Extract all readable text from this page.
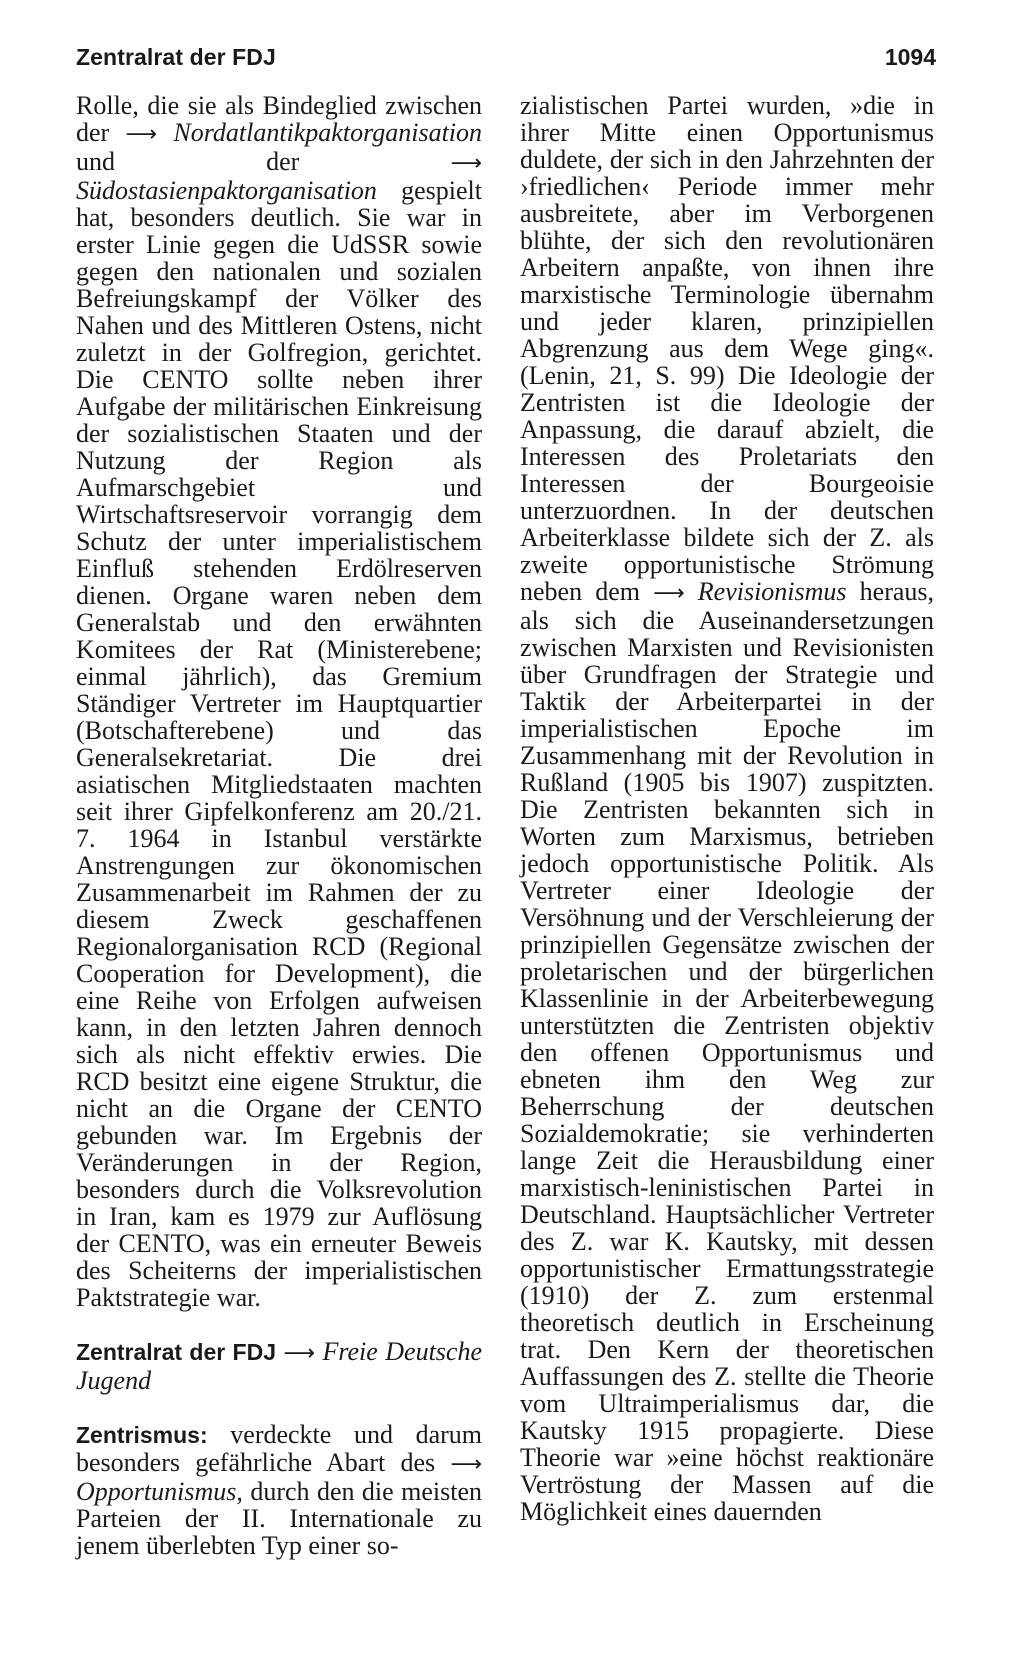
Zentralrat der FDJ	1094

Rolle, die sie als Bindeglied zwischen der ⟶ Nordatlantikpaktorganisation und der	⟶ Südostasienpaktorganisation gespielt hat, besonders deutlich. Sie war in erster Linie gegen die UdSSR sowie gegen den nationalen und sozialen Befreiungskampf der Völker des Nahen und des Mittleren Ostens, nicht zuletzt in der Golfregion, gerichtet. Die CENTO sollte neben ihrer Aufgabe der militärischen Einkreisung der sozialistischen Staaten und der Nutzung der Region als Aufmarschgebiet und Wirtschaftsreservoir vorrangig dem Schutz der unter imperialistischem Einfluß stehenden Erdölreserven dienen. Organe waren neben dem Generalstab und den erwähnten Komitees der Rat (Ministerebene; einmal jährlich), das Gremium Ständiger Vertreter im Hauptquartier (Botschafterebene) und das Generalsekretariat. Die drei asiatischen Mitgliedstaaten machten seit ihrer Gipfelkonferenz am 20./21. 7. 1964 in Istanbul verstärkte Anstrengungen zur ökonomischen Zusammenarbeit im Rahmen der zu diesem Zweck geschaffenen Regionalorganisation RCD (Regional Cooperation for Development), die eine Reihe von Erfolgen aufweisen kann, in den letzten Jahren dennoch sich als nicht effektiv erwies. Die RCD besitzt eine eigene Struktur, die nicht an die Organe der CENTO gebunden war. Im Ergebnis der Veränderungen in der Region, besonders durch die Volksrevolution in Iran, kam es 1979 zur Auflösung der CENTO, was ein erneuter Beweis des Scheiterns der imperialistischen Paktstrategie war.

Zentralrat der FDJ ⟶ Freie Deutsche Jugend

Zentrismus: verdeckte und darum besonders gefährliche Abart des ⟶ Opportunismus, durch den die meisten Parteien der II. Internationale zu jenem überlebten Typ einer so-

zialistischen Partei wurden, »die in ihrer Mitte einen Opportunismus duldete, der sich in den Jahrzehnten der ›friedlichen‹ Periode immer mehr ausbreitete, aber im Verborgenen blühte, der sich den revolutionären Arbeitern anpaßte, von ihnen ihre marxistische Terminologie übernahm und jeder klaren, prinzipiellen Abgrenzung aus dem Wege ging«. (Lenin, 21, S. 99) Die Ideologie der Zentristen ist die Ideologie der Anpassung, die darauf abzielt, die Interessen des Proletariats den Interessen der Bourgeoisie unterzuordnen. In der deutschen Arbeiterklasse bildete sich der Z. als zweite opportunistische Strömung neben dem ⟶ Revisionismus heraus, als sich die Auseinandersetzungen zwischen Marxisten und Revisionisten über Grundfragen der Strategie und Taktik der Arbeiterpartei in der imperialistischen Epoche im Zusammenhang mit der Revolution in Rußland (1905 bis 1907) zuspitzten. Die Zentristen bekannten sich in Worten zum Marxismus, betrieben jedoch opportunistische Politik. Als Vertreter einer Ideologie der Versöhnung und der Verschleierung der prinzipiellen Gegensätze zwischen der proletarischen und der bürgerlichen Klassenlinie in der Arbeiterbewegung unterstützten die Zentristen objektiv den offenen Opportunismus und ebneten ihm den Weg zur Beherrschung der deutschen Sozialdemokratie; sie verhinderten lange Zeit die Herausbildung einer marxistisch-leninistischen Partei in Deutschland. Hauptsächlicher Vertreter des Z. war K. Kautsky, mit dessen opportunistischer Ermattungsstrategie (1910) der Z. zum erstenmal theoretisch deutlich in Erscheinung trat. Den Kern der theoretischen Auffassungen des Z. stellte die Theorie vom Ultraimperialismus dar, die Kautsky 1915 propagierte. Diese Theorie war »eine höchst reaktionäre Vertröstung der Massen auf die Möglichkeit eines dauernden
